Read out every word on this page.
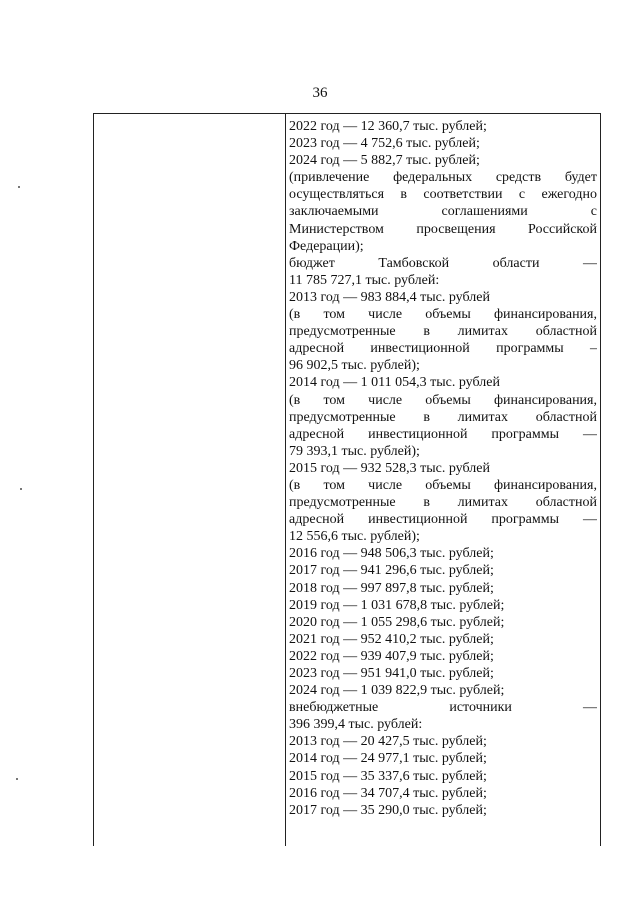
36
2022 год — 12 360,7 тыс. рублей;
2023 год — 4 752,6 тыс. рублей;
2024 год — 5 882,7 тыс. рублей;
(привлечение федеральных средств будет
осуществляться в соответствии с ежегодно
заключаемыми соглашениями с
Министерством просвещения Российской
Федерации);
бюджет Тамбовской области —
11 785 727,1 тыс. рублей:
2013 год — 983 884,4 тыс. рублей
(в том числе объемы финансирования,
предусмотренные в лимитах областной
адресной инвестиционной программы –
96 902,5 тыс. рублей);
2014 год — 1 011 054,3 тыс. рублей
(в том числе объемы финансирования,
предусмотренные в лимитах областной
адресной инвестиционной программы —
79 393,1 тыс. рублей);
2015 год — 932 528,3 тыс. рублей
(в том числе объемы финансирования,
предусмотренные в лимитах областной
адресной инвестиционной программы —
12 556,6 тыс. рублей);
2016 год — 948 506,3 тыс. рублей;
2017 год — 941 296,6 тыс. рублей;
2018 год — 997 897,8 тыс. рублей;
2019 год — 1 031 678,8 тыс. рублей;
2020 год — 1 055 298,6 тыс. рублей;
2021 год — 952 410,2 тыс. рублей;
2022 год — 939 407,9 тыс. рублей;
2023 год — 951 941,0 тыс. рублей;
2024 год — 1 039 822,9 тыс. рублей;
внебюджетные источники —
396 399,4 тыс. рублей:
2013 год — 20 427,5 тыс. рублей;
2014 год — 24 977,1 тыс. рублей;
2015 год — 35 337,6 тыс. рублей;
2016 год — 34 707,4 тыс. рублей;
2017 год — 35 290,0 тыс. рублей;
